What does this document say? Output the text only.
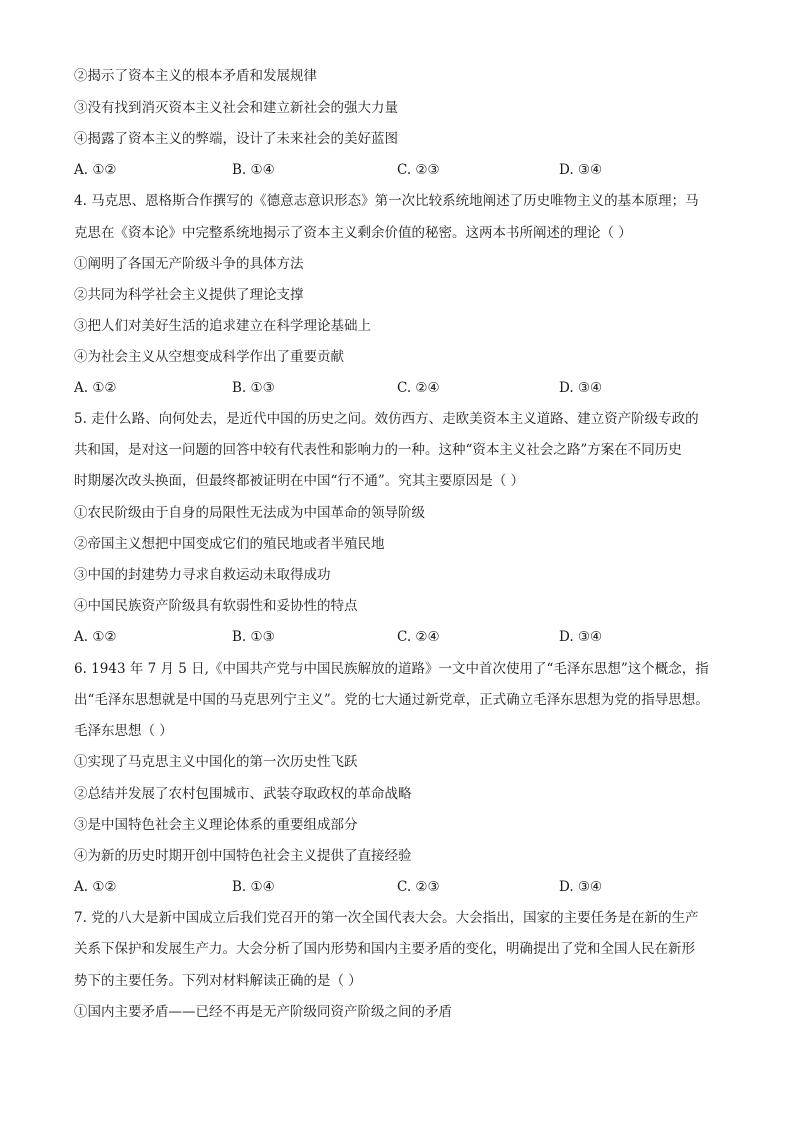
②揭示了资本主义的根本矛盾和发展规律
③没有找到消灭资本主义社会和建立新社会的强大力量
④揭露了资本主义的弊端，设计了未来社会的美好蓝图
A. ①②	B. ①④	C. ②③	D. ③④
4. 马克思、恩格斯合作撰写的《德意志意识形态》第一次比较系统地阐述了历史唯物主义的基本原理；马
克思在《资本论》中完整系统地揭示了资本主义剩余价值的秘密。这两本书所阐述的理论（ ）
①阐明了各国无产阶级斗争的具体方法
②共同为科学社会主义提供了理论支撑
③把人们对美好生活的追求建立在科学理论基础上
④为社会主义从空想变成科学作出了重要贡献
A. ①②	B. ①③	C. ②④	D. ③④
5. 走什么路、向何处去，是近代中国的历史之问。效仿西方、走欧美资本主义道路、建立资产阶级专政的
共和国，是对这一问题的回答中较有代表性和影响力的一种。这种“资本主义社会之路”方案在不同历史
时期屡次改头换面，但最终都被证明在中国“行不通”。究其主要原因是（ ）
①农民阶级由于自身的局限性无法成为中国革命的领导阶级
②帝国主义想把中国变成它们的殖民地或者半殖民地
③中国的封建势力寻求自救运动未取得成功
④中国民族资产阶级具有软弱性和妥协性的特点
A. ①②	B. ①③	C. ②④	D. ③④
6. 1943 年 7 月 5 日,《中国共产党与中国民族解放的道路》一文中首次使用了“毛泽东思想”这个概念，指
出“毛泽东思想就是中国的马克思列宁主义”。党的七大通过新党章，正式确立毛泽东思想为党的指导思想。
毛泽东思想（ ）
①实现了马克思主义中国化的第一次历史性飞跃
②总结并发展了农村包围城市、武装夺取政权的革命战略
③是中国特色社会主义理论体系的重要组成部分
④为新的历史时期开创中国特色社会主义提供了直接经验
A. ①②	B. ①④	C. ②③	D. ③④
7. 党的八大是新中国成立后我们党召开的第一次全国代表大会。大会指出，国家的主要任务是在新的生产
关系下保护和发展生产力。大会分析了国内形势和国内主要矛盾的变化，明确提出了党和全国人民在新形
势下的主要任务。下列对材料解读正确的是（ ）
①国内主要矛盾——已经不再是无产阶级同资产阶级之间的矛盾
